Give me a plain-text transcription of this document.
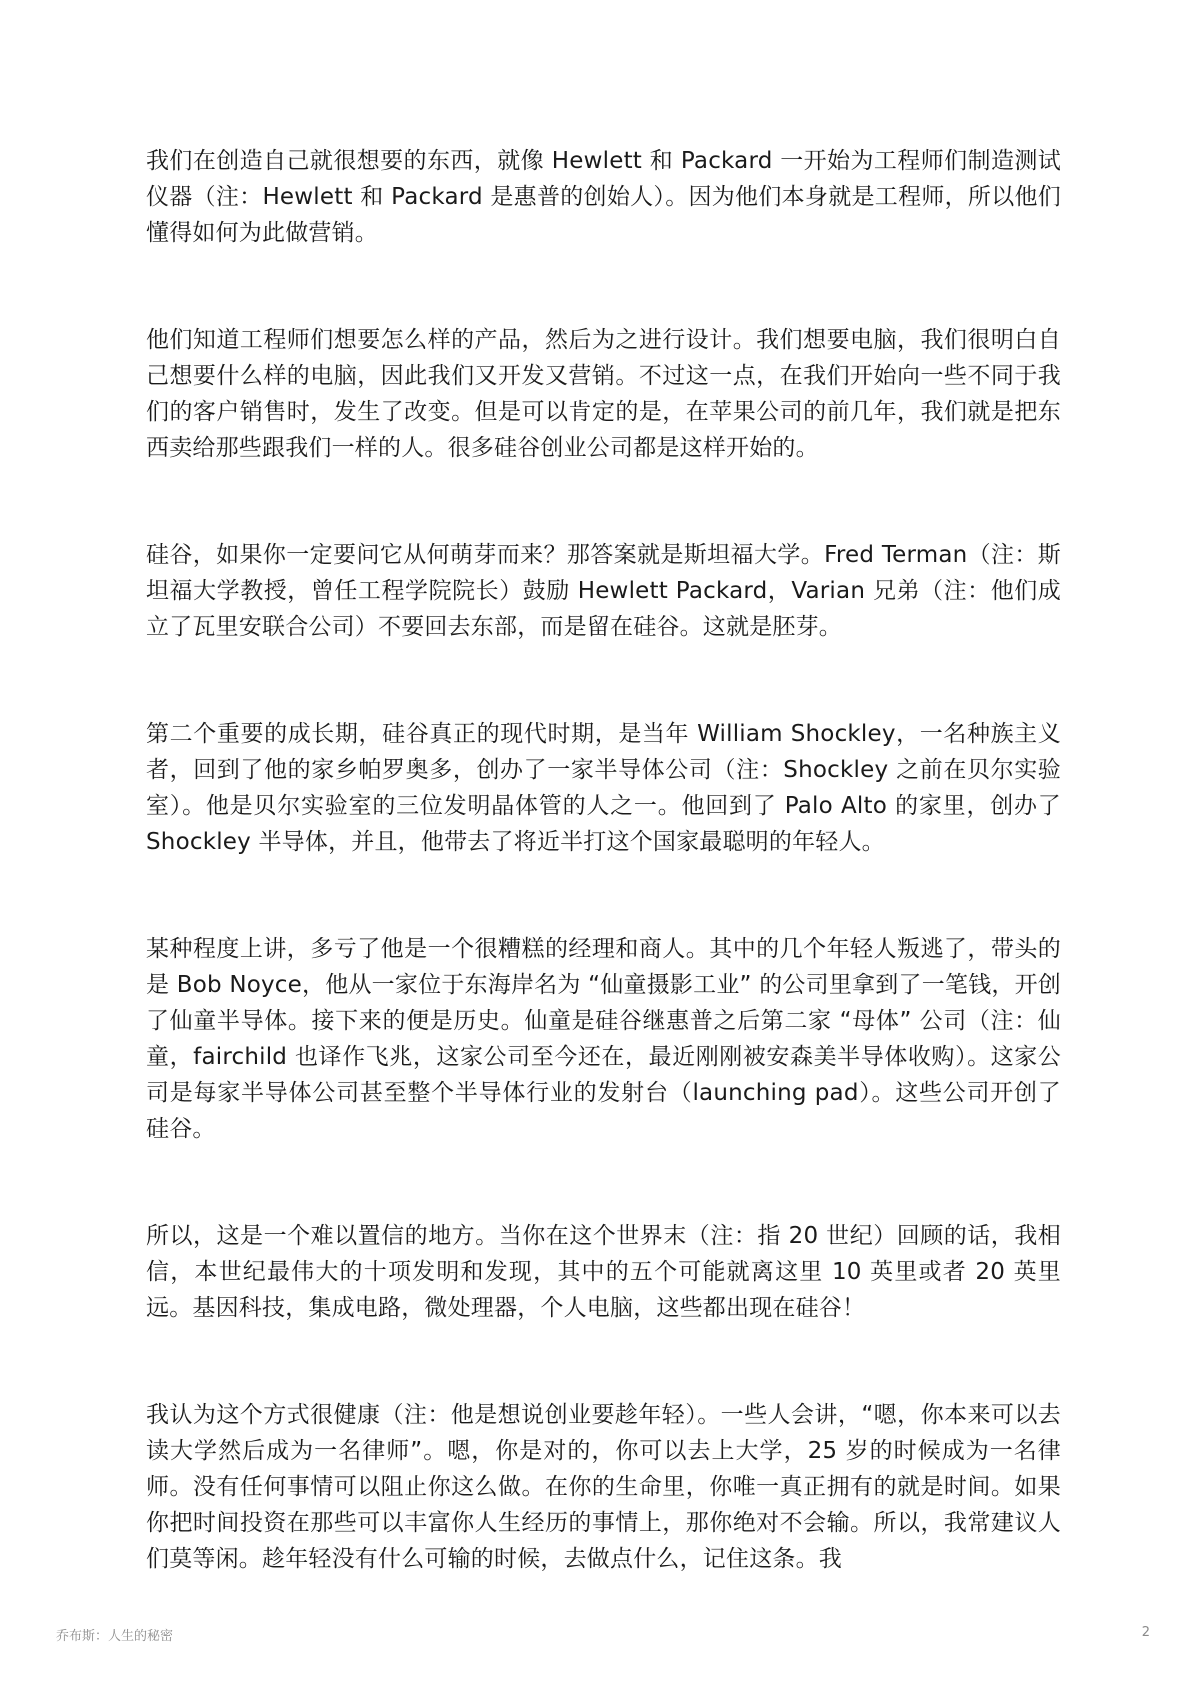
我们在创造自己就很想要的东西，就像 Hewlett 和 Packard 一开始为工程师们制造测试仪器（注：Hewlett 和 Packard 是惠普的创始人）。因为他们本身就是工程师，所以他们懂得如何为此做营销。

他们知道工程师们想要怎么样的产品，然后为之进行设计。我们想要电脑，我们很明白自己想要什么样的电脑，因此我们又开发又营销。不过这一点，在我们开始向一些不同于我们的客户销售时，发生了改变。但是可以肯定的是，在苹果公司的前几年，我们就是把东西卖给那些跟我们一样的人。很多硅谷创业公司都是这样开始的。

硅谷，如果你一定要问它从何萌芽而来？那答案就是斯坦福大学。Fred Terman（注：斯坦福大学教授，曾任工程学院院长）鼓励 Hewlett Packard，Varian 兄弟（注：他们成立了瓦里安联合公司）不要回去东部，而是留在硅谷。这就是胚芽。

第二个重要的成长期，硅谷真正的现代时期，是当年 William Shockley，一名种族主义者，回到了他的家乡帕罗奥多，创办了一家半导体公司（注：Shockley 之前在贝尔实验室）。他是贝尔实验室的三位发明晶体管的人之一。他回到了 Palo Alto 的家里，创办了 Shockley 半导体，并且，他带去了将近半打这个国家最聪明的年轻人。

某种程度上讲，多亏了他是一个很糟糕的经理和商人。其中的几个年轻人叛逃了，带头的是 Bob Noyce，他从一家位于东海岸名为 “仙童摄影工业” 的公司里拿到了一笔钱，开创了仙童半导体。接下来的便是历史。仙童是硅谷继惠普之后第二家 “母体” 公司（注：仙童，fairchild 也译作飞兆，这家公司至今还在，最近刚刚被安森美半导体收购）。这家公司是每家半导体公司甚至整个半导体行业的发射台（launching pad）。这些公司开创了硅谷。

所以，这是一个难以置信的地方。当你在这个世界末（注：指 20 世纪）回顾的话，我相信，本世纪最伟大的十项发明和发现，其中的五个可能就离这里 10 英里或者 20 英里远。基因科技，集成电路，微处理器，个人电脑，这些都出现在硅谷！

我认为这个方式很健康（注：他是想说创业要趁年轻）。一些人会讲，“嗯，你本来可以去读大学然后成为一名律师”。嗯，你是对的，你可以去上大学，25 岁的时候成为一名律师。没有任何事情可以阻止你这么做。在你的生命里，你唯一真正拥有的就是时间。如果你把时间投资在那些可以丰富你人生经历的事情上，那你绝对不会输。所以，我常建议人们莫等闲。趁年轻没有什么可输的时候，去做点什么，记住这条。我

乔布斯：人生的秘密	2
